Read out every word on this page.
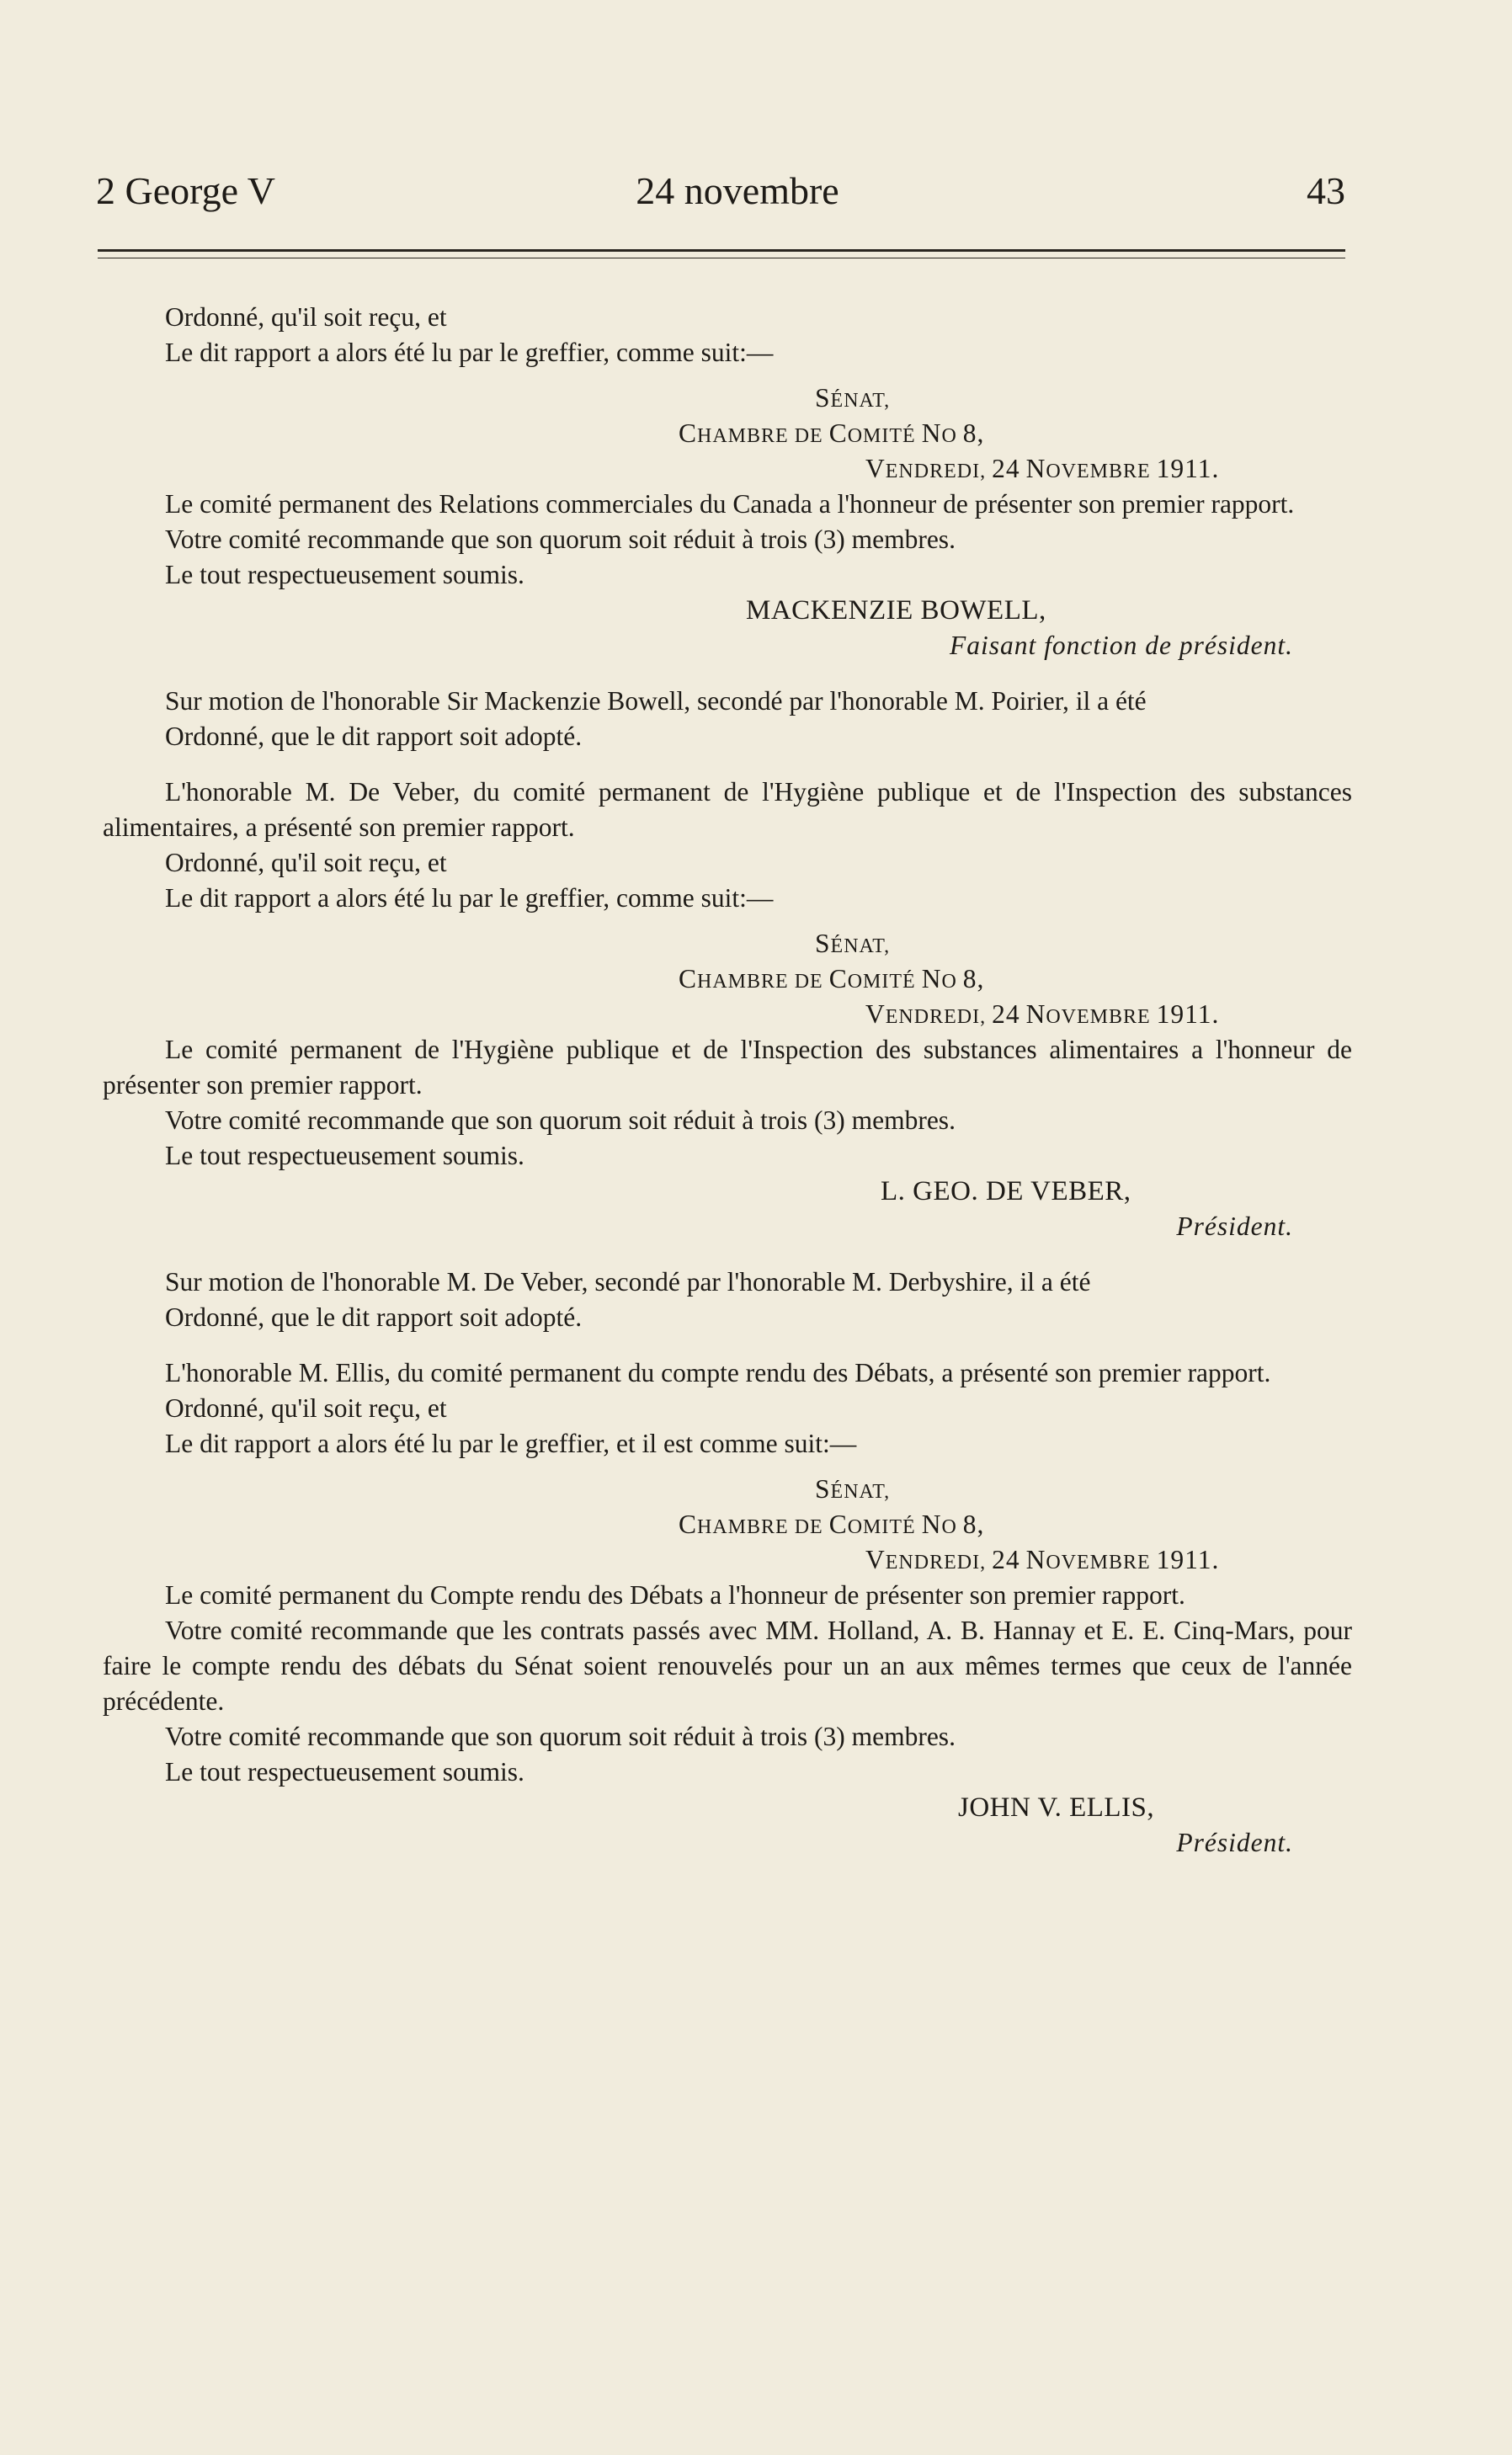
2 George V	24 novembre	43

Ordonné, qu'il soit reçu, et

Le dit rapport a alors été lu par le greffier, comme suit:—

SÉNAT,
CHAMBRE DE COMITÉ NO 8,
VENDREDI, 24 NOVEMBRE 1911.

Le comité permanent des Relations commerciales du Canada a l'honneur de présenter son premier rapport.

Votre comité recommande que son quorum soit réduit à trois (3) membres.

Le tout respectueusement soumis.

MACKENZIE BOWELL,
Faisant fonction de président.

Sur motion de l'honorable Sir Mackenzie Bowell, secondé par l'honorable M. Poirier, il a été

Ordonné, que le dit rapport soit adopté.

L'honorable M. De Veber, du comité permanent de l'Hygiène publique et de l'Inspection des substances alimentaires, a présenté son premier rapport.

Ordonné, qu'il soit reçu, et

Le dit rapport a alors été lu par le greffier, comme suit:—

SÉNAT,
CHAMBRE DE COMITÉ NO 8,
VENDREDI, 24 NOVEMBRE 1911.

Le comité permanent de l'Hygiène publique et de l'Inspection des substances alimentaires a l'honneur de présenter son premier rapport.

Votre comité recommande que son quorum soit réduit à trois (3) membres.

Le tout respectueusement soumis.

L. GEO. DE VEBER,
Président.

Sur motion de l'honorable M. De Veber, secondé par l'honorable M. Derbyshire, il a été

Ordonné, que le dit rapport soit adopté.

L'honorable M. Ellis, du comité permanent du compte rendu des Débats, a présenté son premier rapport.

Ordonné, qu'il soit reçu, et

Le dit rapport a alors été lu par le greffier, et il est comme suit:—

SÉNAT,
CHAMBRE DE COMITÉ NO 8,
VENDREDI, 24 NOVEMBRE 1911.

Le comité permanent du Compte rendu des Débats a l'honneur de présenter son premier rapport.

Votre comité recommande que les contrats passés avec MM. Holland, A. B. Hannay et E. E. Cinq-Mars, pour faire le compte rendu des débats du Sénat soient renouvelés pour un an aux mêmes termes que ceux de l'année précédente.

Votre comité recommande que son quorum soit réduit à trois (3) membres.

Le tout respectueusement soumis.

JOHN V. ELLIS,
Président.
